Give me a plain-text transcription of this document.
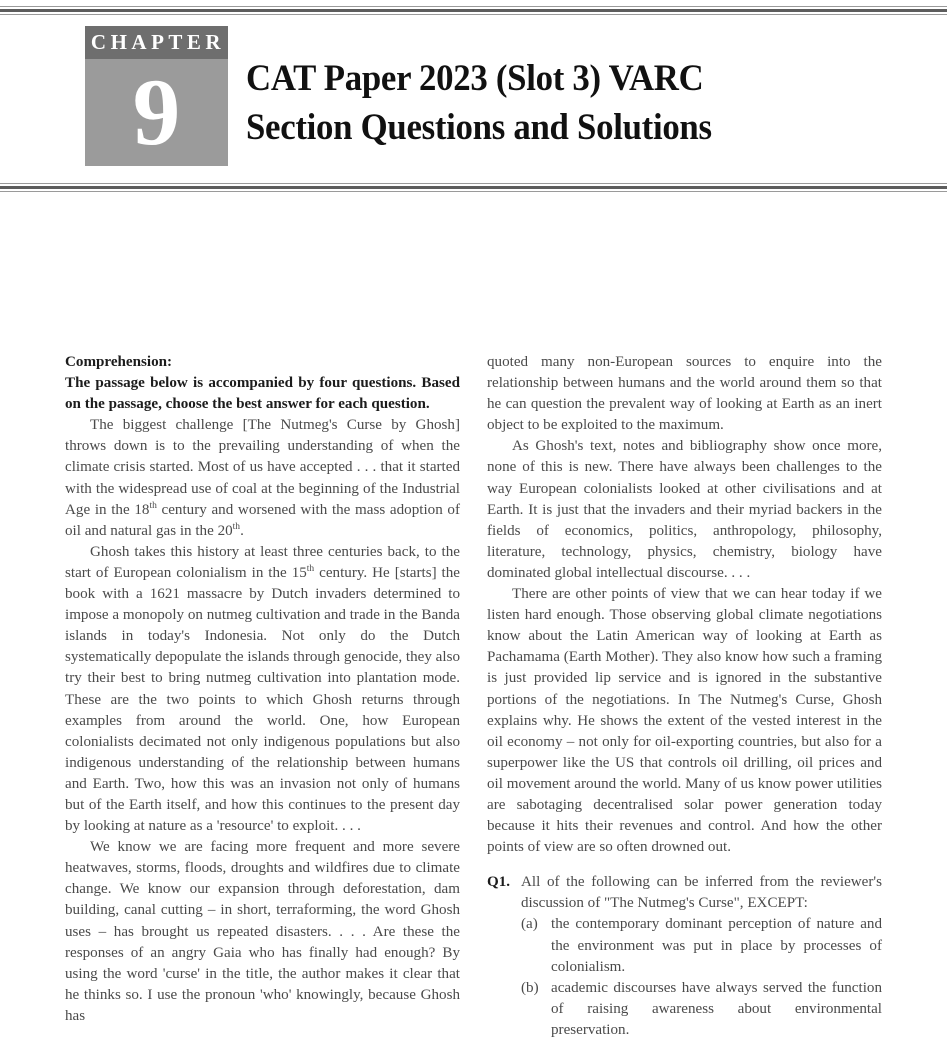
CHAPTER
9	CAT Paper 2023 (Slot 3) VARC
Section Questions and Solutions
Comprehension:
The passage below is accompanied by four questions. Based on the passage, choose the best answer for each question.

The biggest challenge [The Nutmeg's Curse by Ghosh] throws down is to the prevailing understanding of when the climate crisis started. Most of us have accepted . . . that it started with the widespread use of coal at the beginning of the Industrial Age in the 18th century and worsened with the mass adoption of oil and natural gas in the 20th.

Ghosh takes this history at least three centuries back, to the start of European colonialism in the 15th century. He [starts] the book with a 1621 massacre by Dutch invaders determined to impose a monopoly on nutmeg cultivation and trade in the Banda islands in today's Indonesia. Not only do the Dutch systematically depopulate the islands through genocide, they also try their best to bring nutmeg cultivation into plantation mode. These are the two points to which Ghosh returns through examples from around the world. One, how European colonialists decimated not only indigenous populations but also indigenous understanding of the relationship between humans and Earth. Two, how this was an invasion not only of humans but of the Earth itself, and how this continues to the present day by looking at nature as a 'resource' to exploit. . . .

We know we are facing more frequent and more severe heatwaves, storms, floods, droughts and wildfires due to climate change. We know our expansion through deforestation, dam building, canal cutting – in short, terraforming, the word Ghosh uses – has brought us repeated disasters. . . . Are these the responses of an angry Gaia who has finally had enough? By using the word 'curse' in the title, the author makes it clear that he thinks so. I use the pronoun 'who' knowingly, because Ghosh has

quoted many non-European sources to enquire into the relationship between humans and the world around them so that he can question the prevalent way of looking at Earth as an inert object to be exploited to the maximum.

As Ghosh's text, notes and bibliography show once more, none of this is new. There have always been challenges to the way European colonialists looked at other civilisations and at Earth. It is just that the invaders and their myriad backers in the fields of economics, politics, anthropology, philosophy, literature, technology, physics, chemistry, biology have dominated global intellectual discourse. . . .

There are other points of view that we can hear today if we listen hard enough. Those observing global climate negotiations know about the Latin American way of looking at Earth as Pachamama (Earth Mother). They also know how such a framing is just provided lip service and is ignored in the substantive portions of the negotiations. In The Nutmeg's Curse, Ghosh explains why. He shows the extent of the vested interest in the oil economy – not only for oil-exporting countries, but also for a superpower like the US that controls oil drilling, oil prices and oil movement around the world. Many of us know power utilities are sabotaging decentralised solar power generation today because it hits their revenues and control. And how the other points of view are so often drowned out.

Q1. All of the following can be inferred from the reviewer's discussion of "The Nutmeg's Curse", EXCEPT:
(a) the contemporary dominant perception of nature and the environment was put in place by processes of colonialism.
(b) academic discourses have always served the function of raising awareness about environmental preservation.
